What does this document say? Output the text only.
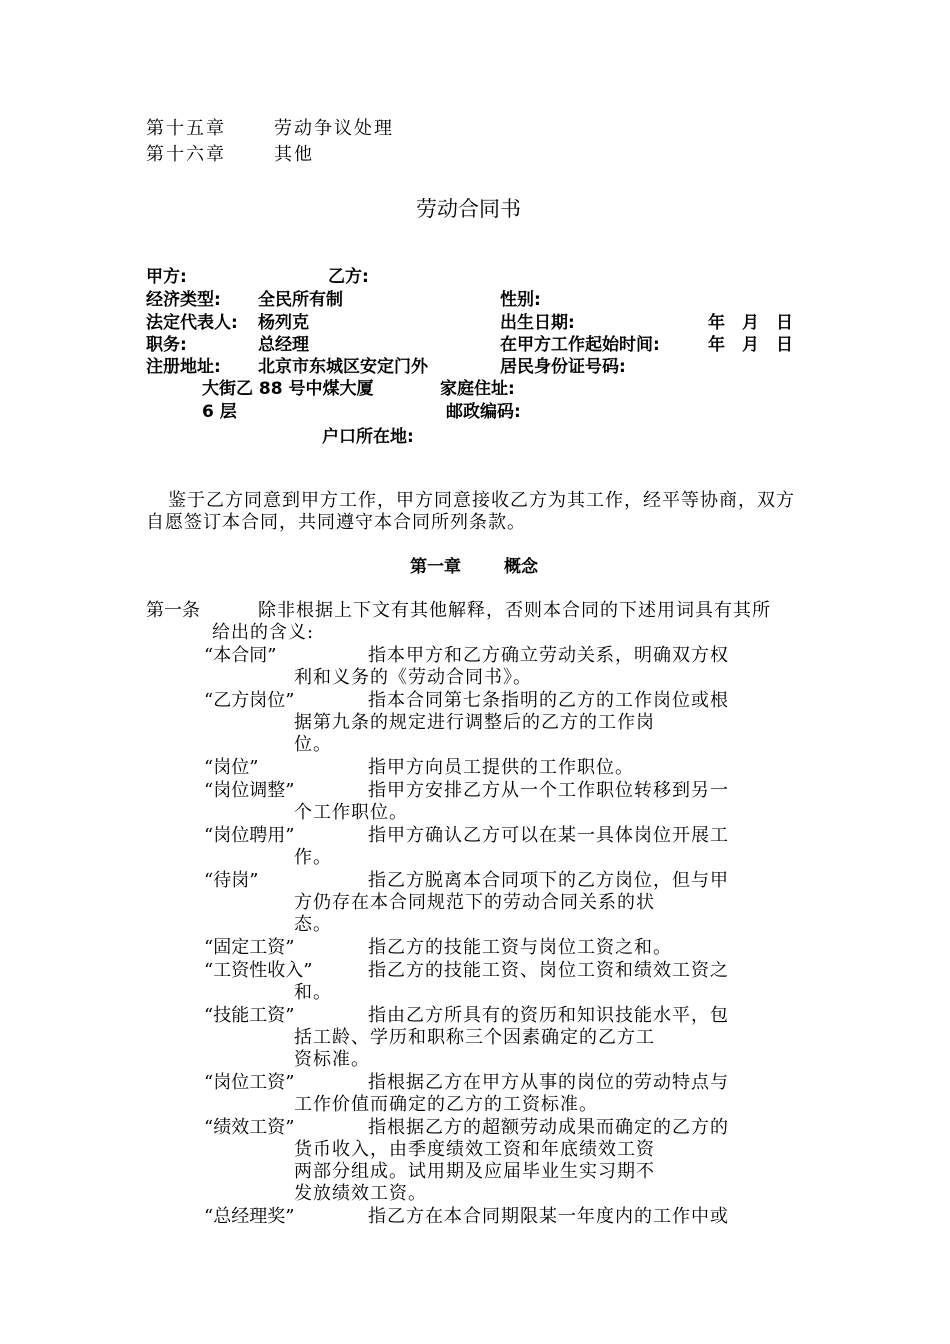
第十五章	劳动争议处理
第十六章	其他
劳动合同书
甲方:	乙方:
经济类型: 全民所有制	性别:
法定代表人: 杨列克	出生日期:	年　月　日
职务:	总经理	在甲方工作起始时间:	年　月　日
注册地址: 北京市东城区安定门外	居民身份证号码:
大街乙 88 号中煤大厦	家庭住址:
6 层	邮政编码:
户口所在地:
鉴于乙方同意到甲方工作，甲方同意接收乙方为其工作，经平等协商，双方
自愿签订本合同，共同遵守本合同所列条款。
第一章	概念
第一条	除非根据上下文有其他解释，否则本合同的下述用词具有其所
给出的含义:
“本合同”	指本甲方和乙方确立劳动关系，明确双方权
利和义务的《劳动合同书》。
“乙方岗位”	指本合同第七条指明的乙方的工作岗位或根
据第九条的规定进行调整后的乙方的工作岗
位。
“岗位”	指甲方向员工提供的工作职位。
“岗位调整”	指甲方安排乙方从一个工作职位转移到另一
个工作职位。
“岗位聘用”	指甲方确认乙方可以在某一具体岗位开展工
作。
“待岗”	指乙方脱离本合同项下的乙方岗位，但与甲
方仍存在本合同规范下的劳动合同关系的状
态。
“固定工资”	指乙方的技能工资与岗位工资之和。
“工资性收入”	指乙方的技能工资、岗位工资和绩效工资之
和。
“技能工资”	指由乙方所具有的资历和知识技能水平，包
括工龄、学历和职称三个因素确定的乙方工
资标准。
“岗位工资”	指根据乙方在甲方从事的岗位的劳动特点与
工作价值而确定的乙方的工资标准。
“绩效工资”	指根据乙方的超额劳动成果而确定的乙方的
货币收入，由季度绩效工资和年底绩效工资
两部分组成。试用期及应届毕业生实习期不
发放绩效工资。
“总经理奖”	指乙方在本合同期限某一年度内的工作中或
